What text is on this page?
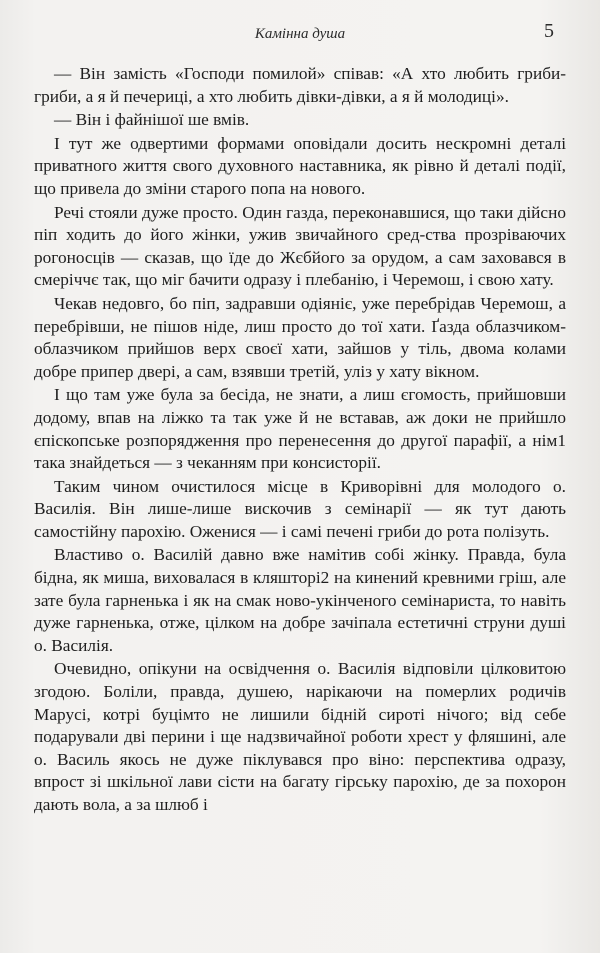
Камінна душа	5

— Він замість «Господи помилой» співав: «А хто любить гриби-гриби, а я й печериці, а хто любить дівки-дівки, а я й молодиці».

— Він і файнішої ше вмів.

І тут же одвертими формами оповідали досить нескромні деталі приватного життя свого духовного наставника, як рівно й деталі події, що привела до зміни старого попа на нового.

Речі стояли дуже просто. Один газда, переконавшися, що таки дійсно піп ходить до його жінки, ужив звичайного сред-ства прозріваючих рогоносців — сказав, що їде до Жєбйого за орудом, а сам заховався в смеріччє так, що міг бачити одразу і плебанію, і Черемош, і свою хату.

Чекав недовго, бо піп, задравши одіяніє, уже перебрідав Черемош, а перебрівши, не пішов ніде, лиш просто до тої хати. Ґазда облазчиком-облазчиком прийшов верх своєї хати, зайшов у тіль, двома колами добре припер двері, а сам, взявши третій, уліз у хату вікном.

І що там уже була за бесіда, не знати, а лиш єгомость, прийшовши додому, впав на ліжко та так уже й не вставав, аж доки не прийшло єпіскопське розпорядження про перенесення до другої парафії, а нім1 така знайдеться — з чеканням при консисторії.

Таким чином очистилося місце в Криворівні для молодого о. Василія. Він лише-лише вискочив з семінарії — як тут дають самостійну парохію. Оженися — і самі печені гриби до рота полізуть.

Властиво о. Василій давно вже намітив собі жінку. Правда, була бідна, як миша, виховалася в кляшторі2 на кинений кревними гріш, але зате була гарненька і як на смак ново-укінченого семінариста, то навіть дуже гарненька, отже, цілком на добре зачіпала естетичні струни душі о. Василія.

Очевидно, опікуни на освідчення о. Василія відповіли цілковитою згодою. Боліли, правда, душею, нарікаючи на померлих родичів Марусі, котрі буцімто не лишили бідній сироті нічого; від себе подарували дві перини і ще надзвичайної роботи хрест у фляшині, але о. Василь якось не дуже піклувався про віно: перспектива одразу, впрост зі шкільної лави сісти на багату гірську парохію, де за похорон дають вола, а за шлюб і
